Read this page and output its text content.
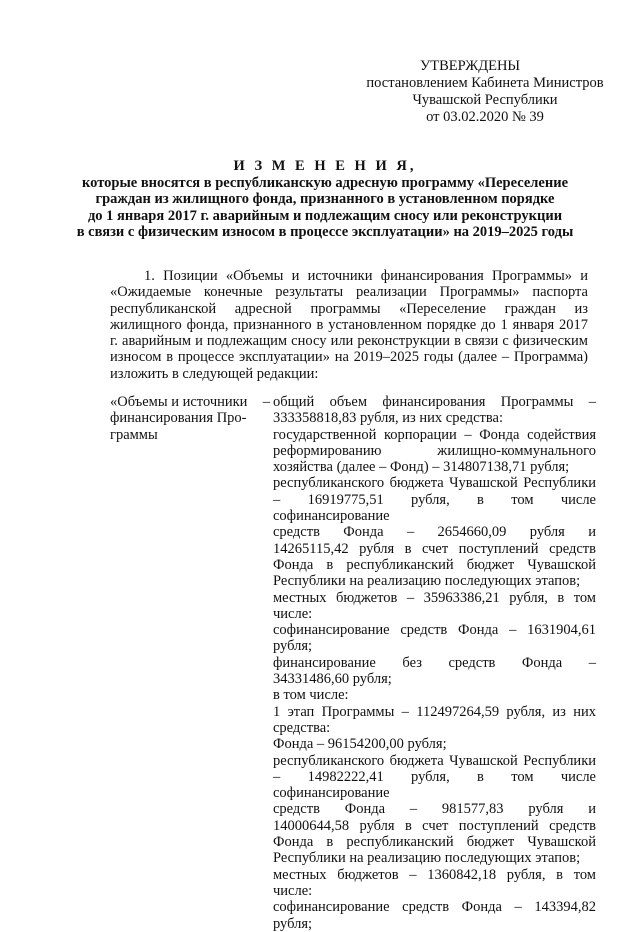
УТВЕРЖДЕНЫ
постановлением Кабинета Министров
Чувашской Республики
от 03.02.2020 № 39
И З М Е Н Е Н И Я,
которые вносятся в республиканскую адресную программу «Переселение
граждан из жилищного фонда, признанного в установленном порядке
до 1 января 2017 г. аварийным и подлежащим сносу или реконструкции
в связи с физическим износом в процессе эксплуатации» на 2019–2025 годы
1. Позиции «Объемы и источники финансирования Программы» и «Ожидаемые конечные результаты реализации Программы» паспорта республиканской адресной программы «Переселение граждан из жилищного фонда, признанного в установленном порядке до 1 января 2017 г. аварийным и подлежащим сносу или реконструкции в связи с физическим износом в процессе эксплуатации» на 2019–2025 годы (далее – Программа) изложить в следующей редакции:
«Объемы и источники –
финансирования Про-
граммы

общий объем финансирования Программы – 333358818,83 рубля, из них средства:

государственной корпорации – Фонда содействия реформированию жилищно-коммунального хозяйства (далее – Фонд) – 314807138,71 рубля;

республиканского бюджета Чувашской Республики – 16919775,51 рубля, в том числе софинансирование

средств Фонда – 2654660,09 рубля и

14265115,42 рубля в счет поступлений средств Фонда в республиканский бюджет Чувашской Республики на реализацию последующих этапов;

местных бюджетов – 35963386,21 рубля, в том числе:

софинансирование средств Фонда – 1631904,61 рубля;

финансирование без средств Фонда –

34331486,60 рубля;

в том числе:

1 этап Программы – 112497264,59 рубля, из них средства:

Фонда – 96154200,00 рубля;

республиканского бюджета Чувашской Республики – 14982222,41 рубля, в том числе софинансирование

средств Фонда – 981577,83 рубля и

14000644,58 рубля в счет поступлений средств Фонда в республиканский бюджет Чувашской Республики на реализацию последующих этапов;

местных бюджетов – 1360842,18 рубля, в том числе:

софинансирование средств Фонда – 143394,82 рубля;
